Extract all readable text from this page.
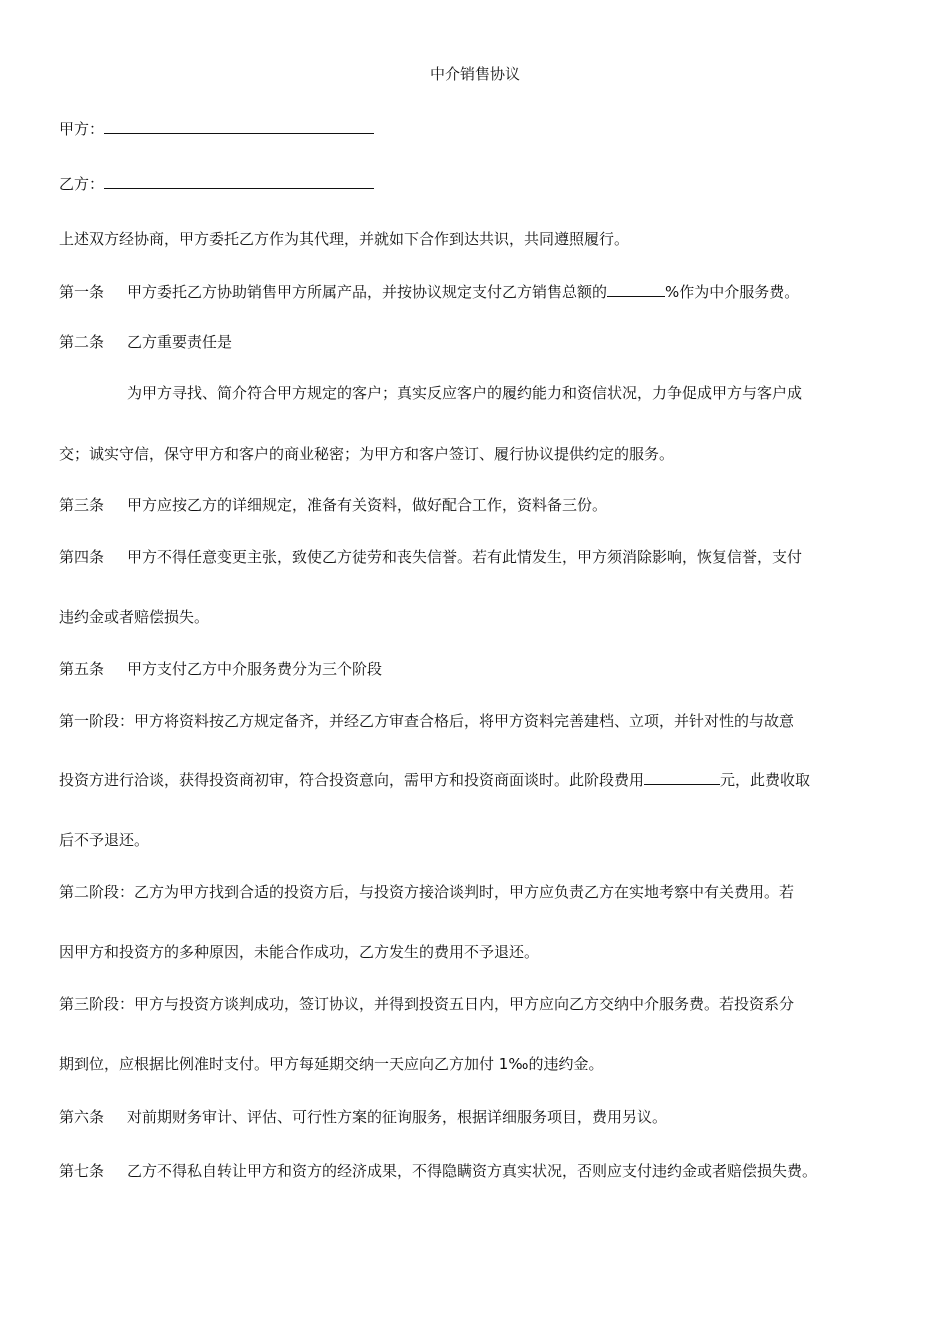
中介销售协议
甲方：
乙方：
上述双方经协商，甲方委托乙方作为其代理，并就如下合作到达共识，共同遵照履行。
第一条 甲方委托乙方协助销售甲方所属产品，并按协议规定支付乙方销售总额的	%作为中介服务费。
第二条 乙方重要责任是
为甲方寻找、简介符合甲方规定的客户；真实反应客户的履约能力和资信状况，力争促成甲方与客户成
交；诚实守信，保守甲方和客户的商业秘密；为甲方和客户签订、履行协议提供约定的服务。
第三条 甲方应按乙方的详细规定，准备有关资料，做好配合工作，资料备三份。
第四条 甲方不得任意变更主张，致使乙方徒劳和丧失信誉。若有此情发生，甲方须消除影响，恢复信誉，支付
违约金或者赔偿损失。
第五条 甲方支付乙方中介服务费分为三个阶段
第一阶段：甲方将资料按乙方规定备齐，并经乙方审查合格后，将甲方资料完善建档、立项，并针对性的与故意
投资方进行洽谈，获得投资商初审，符合投资意向，需甲方和投资商面谈时。此阶段费用	元，此费收取
后不予退还。
第二阶段：乙方为甲方找到合适的投资方后，与投资方接洽谈判时，甲方应负责乙方在实地考察中有关费用。若
因甲方和投资方的多种原因，未能合作成功，乙方发生的费用不予退还。
第三阶段：甲方与投资方谈判成功，签订协议，并得到投资五日内，甲方应向乙方交纳中介服务费。若投资系分
期到位，应根据比例准时支付。甲方每延期交纳一天应向乙方加付 1‰的违约金。
第六条 对前期财务审计、评估、可行性方案的征询服务，根据详细服务项目，费用另议。
第七条 乙方不得私自转让甲方和资方的经济成果，不得隐瞒资方真实状况，否则应支付违约金或者赔偿损失费。
